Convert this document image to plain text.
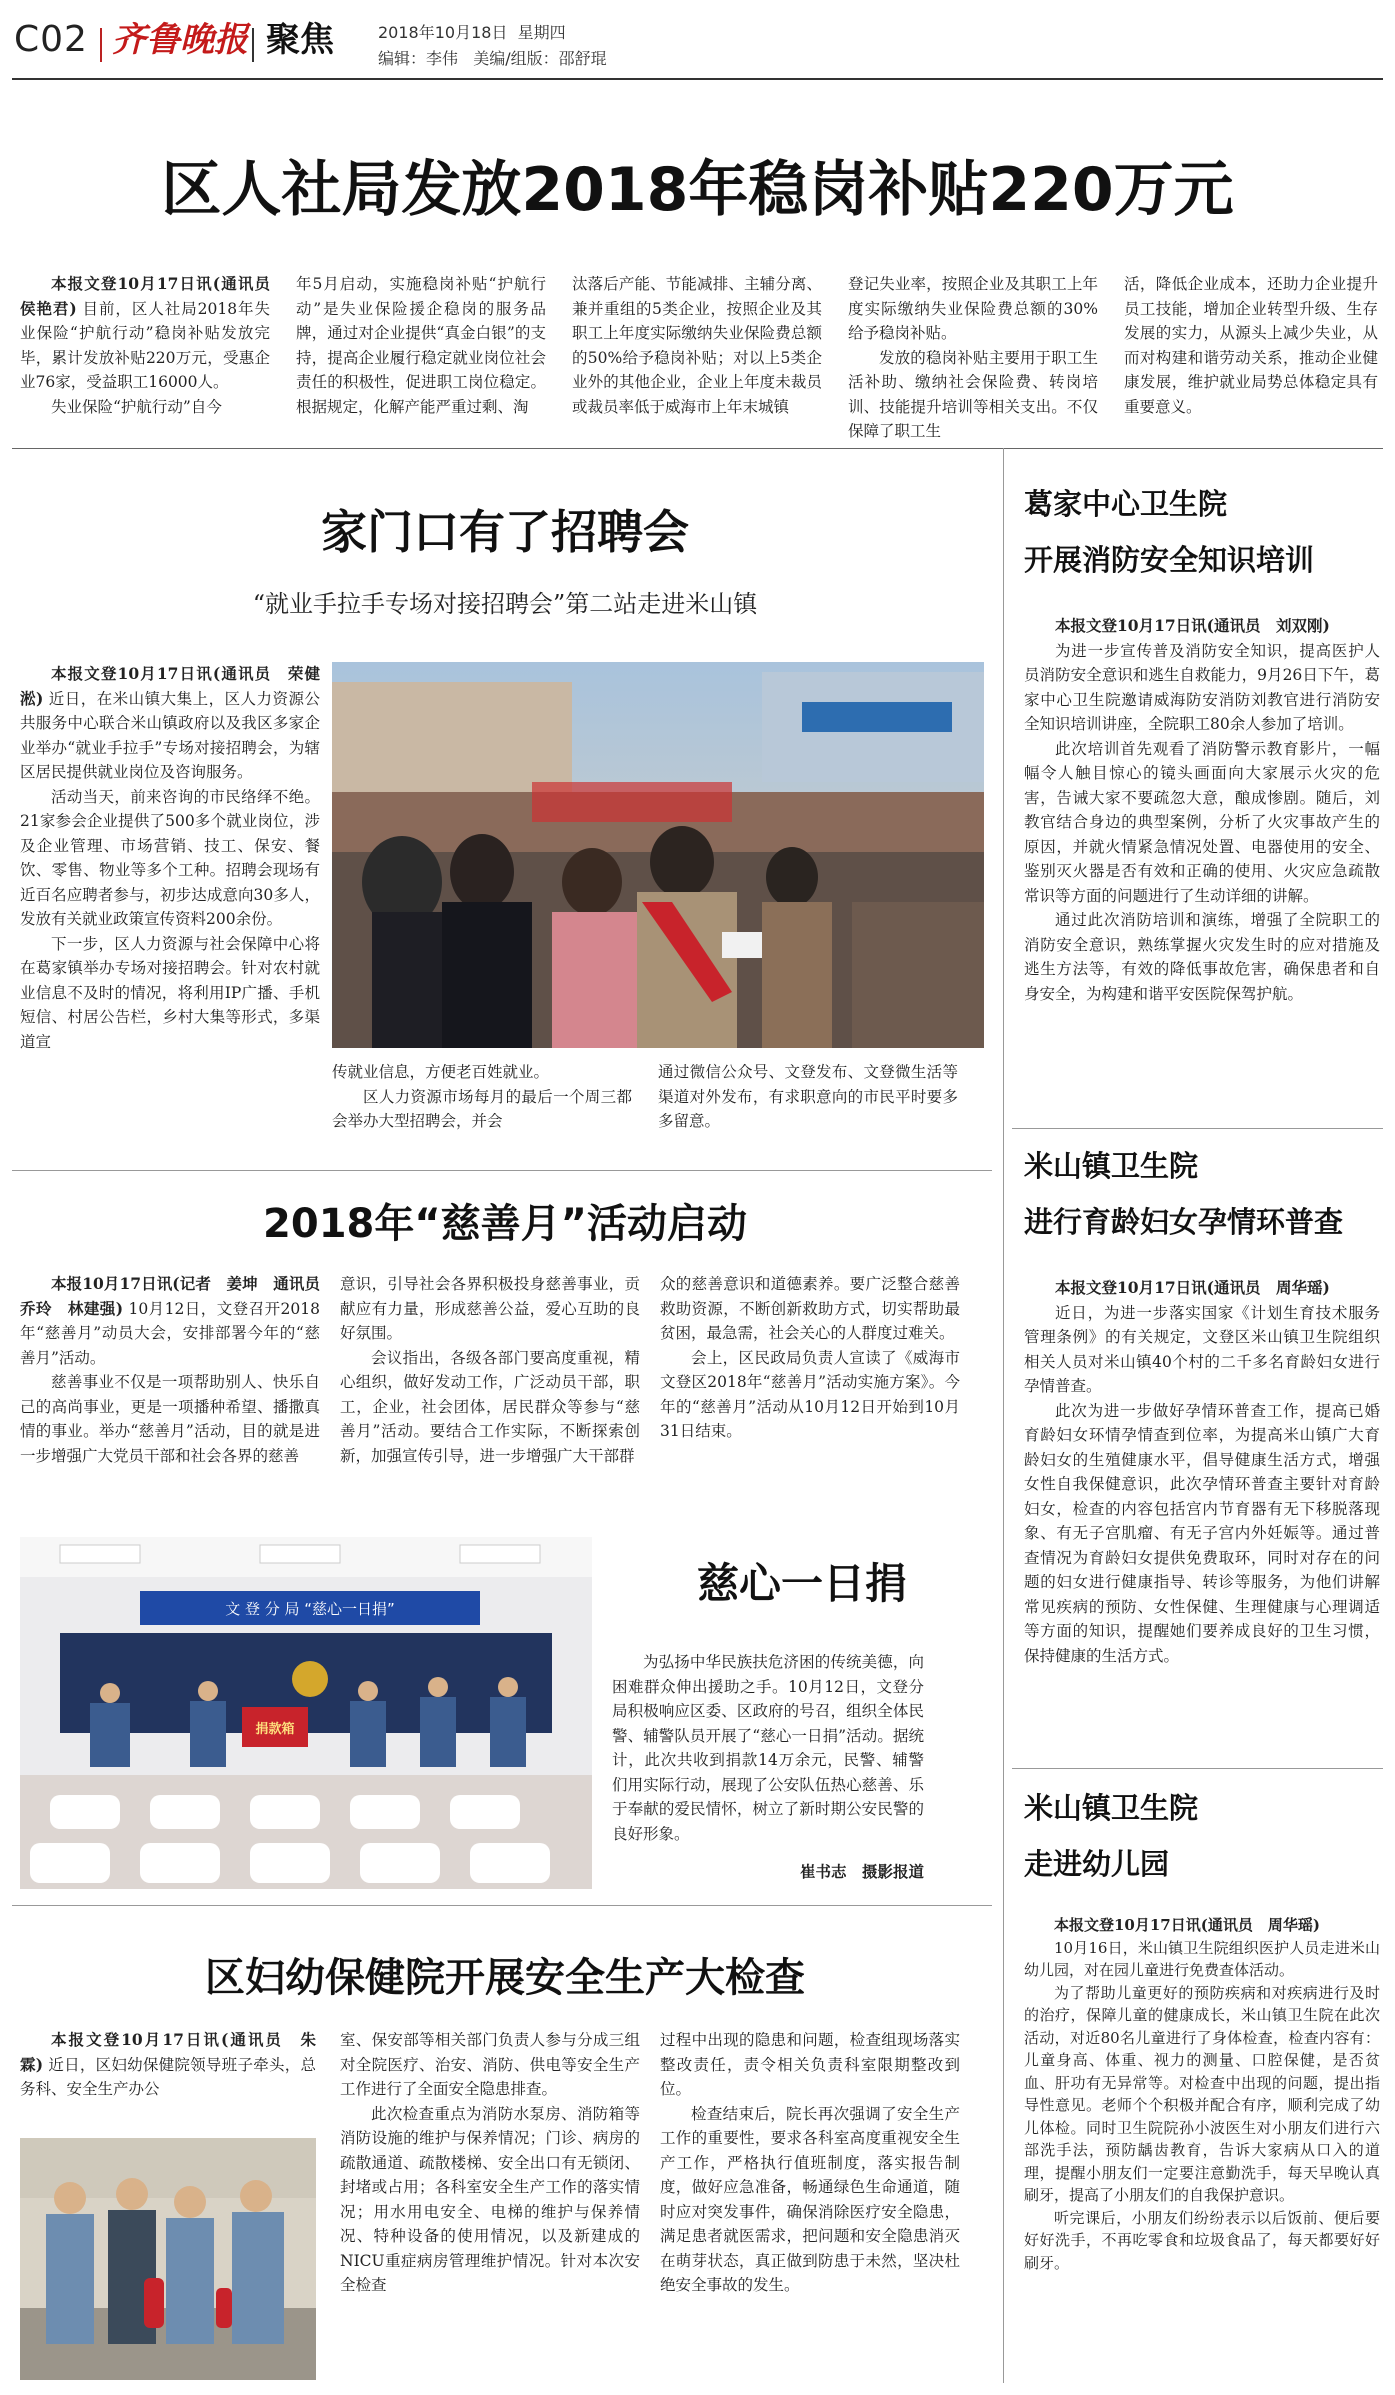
C02 齐鲁晚报 聚焦	2018年10月18日 星期四
编辑：李伟 美编/组版：邵舒琨
区人社局发放2018年稳岗补贴220万元

本报文登10月17日讯(通讯员　侯艳君) 目前，区人社局2018年失业保险“护航行动”稳岗补贴发放完毕，累计发放补贴220万元，受惠企业76家，受益职工16000人。

失业保险“护航行动”自今

年5月启动，实施稳岗补贴“护航行动”是失业保险援企稳岗的服务品牌，通过对企业提供“真金白银”的支持，提高企业履行稳定就业岗位社会责任的积极性，促进职工岗位稳定。根据规定，化解产能严重过剩、淘

汰落后产能、节能减排、主辅分离、兼并重组的5类企业，按照企业及其职工上年度实际缴纳失业保险费总额的50%给予稳岗补贴；对以上5类企业外的其他企业，企业上年度未裁员或裁员率低于威海市上年末城镇

登记失业率，按照企业及其职工上年度实际缴纳失业保险费总额的30%给予稳岗补贴。

发放的稳岗补贴主要用于职工生活补助、缴纳社会保险费、转岗培训、技能提升培训等相关支出。不仅保障了职工生

活，降低企业成本，还助力企业提升员工技能，增加企业转型升级、生存发展的实力，从源头上减少失业，从而对构建和谐劳动关系，推动企业健康发展，维护就业局势总体稳定具有重要意义。

家门口有了招聘会
“就业手拉手专场对接招聘会”第二站走进米山镇

本报文登10月17日讯(通讯员　荣健淞) 近日，在米山镇大集上，区人力资源公共服务中心联合米山镇政府以及我区多家企业举办“就业手拉手”专场对接招聘会，为辖区居民提供就业岗位及咨询服务。

活动当天，前来咨询的市民络绎不绝。21家参会企业提供了500多个就业岗位，涉及企业管理、市场营销、技工、保安、餐饮、零售、物业等多个工种。招聘会现场有近百名应聘者参与，初步达成意向30多人，发放有关就业政策宣传资料200余份。

下一步，区人力资源与社会保障中心将在葛家镇举办专场对接招聘会。针对农村就业信息不及时的情况，将利用IP广播、手机短信、村居公告栏，乡村大集等形式，多渠道宣

传就业信息，方便老百姓就业。

区人力资源市场每月的最后一个周三都会举办大型招聘会，并会

通过微信公众号、文登发布、文登微生活等渠道对外发布，有求职意向的市民平时要多多留意。

2018年“慈善月”活动启动

本报10月17日讯(记者　姜坤　通讯员　乔玲　林建强) 10月12日，文登召开2018年“慈善月”动员大会，安排部署今年的“慈善月”活动。

慈善事业不仅是一项帮助别人、快乐自己的高尚事业，更是一项播种希望、播撒真情的事业。举办“慈善月”活动，目的就是进一步增强广大党员干部和社会各界的慈善

意识，引导社会各界积极投身慈善事业，贡献应有力量，形成慈善公益，爱心互助的良好氛围。

会议指出，各级各部门要高度重视，精心组织，做好发动工作，广泛动员干部，职工，企业，社会团体，居民群众等参与“慈善月”活动。要结合工作实际，不断探索创新，加强宣传引导，进一步增强广大干部群

众的慈善意识和道德素养。要广泛整合慈善救助资源，不断创新救助方式，切实帮助最贫困，最急需，社会关心的人群度过难关。

会上，区民政局负责人宣读了《威海市文登区2018年“慈善月”活动实施方案》。今年的“慈善月”活动从10月12日开始到10月31日结束。

文 登 分 局 “慈心一日捐”
捐款箱
慈心一日捐

为弘扬中华民族扶危济困的传统美德，向困难群众伸出援助之手。10月12日，文登分局积极响应区委、区政府的号召，组织全体民警、辅警队员开展了“慈心一日捐”活动。据统计，此次共收到捐款14万余元，民警、辅警们用实际行动，展现了公安队伍热心慈善、乐于奉献的爱民情怀，树立了新时期公安民警的良好形象。

崔书志　摄影报道
区妇幼保健院开展安全生产大检查

本报文登10月17日讯(通讯员　朱霖) 近日，区妇幼保健院领导班子牵头，总务科、安全生产办公

室、保安部等相关部门负责人参与分成三组对全院医疗、治安、消防、供电等安全生产工作进行了全面安全隐患排查。

此次检查重点为消防水泵房、消防箱等消防设施的维护与保养情况；门诊、病房的疏散通道、疏散楼梯、安全出口有无锁闭、封堵或占用；各科室安全生产工作的落实情况；用水用电安全、电梯的维护与保养情况、特种设备的使用情况，以及新建成的NICU重症病房管理维护情况。针对本次安全检查

过程中出现的隐患和问题，检查组现场落实整改责任，责令相关负责科室限期整改到位。

检查结束后，院长再次强调了安全生产工作的重要性，要求各科室高度重视安全生产工作，严格执行值班制度，落实报告制度，做好应急准备，畅通绿色生命通道，随时应对突发事件，确保消除医疗安全隐患，满足患者就医需求，把问题和安全隐患消灭在萌芽状态，真正做到防患于未然，坚决杜绝安全事故的发生。

葛家中心卫生院
开展消防安全知识培训

本报文登10月17日讯(通讯员　刘双刚)

为进一步宣传普及消防安全知识，提高医护人员消防安全意识和逃生自救能力，9月26日下午，葛家中心卫生院邀请威海防安消防刘教官进行消防安全知识培训讲座，全院职工80余人参加了培训。

此次培训首先观看了消防警示教育影片，一幅幅令人触目惊心的镜头画面向大家展示火灾的危害，告诫大家不要疏忽大意，酿成惨剧。随后，刘教官结合身边的典型案例，分析了火灾事故产生的原因，并就火情紧急情况处置、电器使用的安全、鉴别灭火器是否有效和正确的使用、火灾应急疏散常识等方面的问题进行了生动详细的讲解。

通过此次消防培训和演练，增强了全院职工的消防安全意识，熟练掌握火灾发生时的应对措施及逃生方法等，有效的降低事故危害，确保患者和自身安全，为构建和谐平安医院保驾护航。

米山镇卫生院
进行育龄妇女孕情环普查

本报文登10月17日讯(通讯员　周华瑶)

近日，为进一步落实国家《计划生育技术服务管理条例》的有关规定，文登区米山镇卫生院组织相关人员对米山镇40个村的二千多名育龄妇女进行孕情普查。

此次为进一步做好孕情环普查工作，提高已婚育龄妇女环情孕情查到位率，为提高米山镇广大育龄妇女的生殖健康水平，倡导健康生活方式，增强女性自我保健意识，此次孕情环普查主要针对育龄妇女，检查的内容包括宫内节育器有无下移脱落现象、有无子宫肌瘤、有无子宫内外妊娠等。通过普查情况为育龄妇女提供免费取环，同时对存在的问题的妇女进行健康指导、转诊等服务，为他们讲解常见疾病的预防、女性保健、生理健康与心理调适等方面的知识，提醒她们要养成良好的卫生习惯，保持健康的生活方式。

米山镇卫生院
走进幼儿园

本报文登10月17日讯(通讯员　周华瑶)

10月16日，米山镇卫生院组织医护人员走进米山幼儿园，对在园儿童进行免费查体活动。

为了帮助儿童更好的预防疾病和对疾病进行及时的治疗，保障儿童的健康成长，米山镇卫生院在此次活动，对近80名儿童进行了身体检查，检查内容有：儿童身高、体重、视力的测量、口腔保健，是否贫血、肝功有无异常等。对检查中出现的问题，提出指导性意见。老师个个积极并配合有序，顺利完成了幼儿体检。同时卫生院院孙小波医生对小朋友们进行六部洗手法，预防龋齿教育，告诉大家病从口入的道理，提醒小朋友们一定要注意勤洗手，每天早晚认真刷牙，提高了小朋友们的自我保护意识。

听完课后，小朋友们纷纷表示以后饭前、便后要好好洗手，不再吃零食和垃圾食品了，每天都要好好刷牙。
